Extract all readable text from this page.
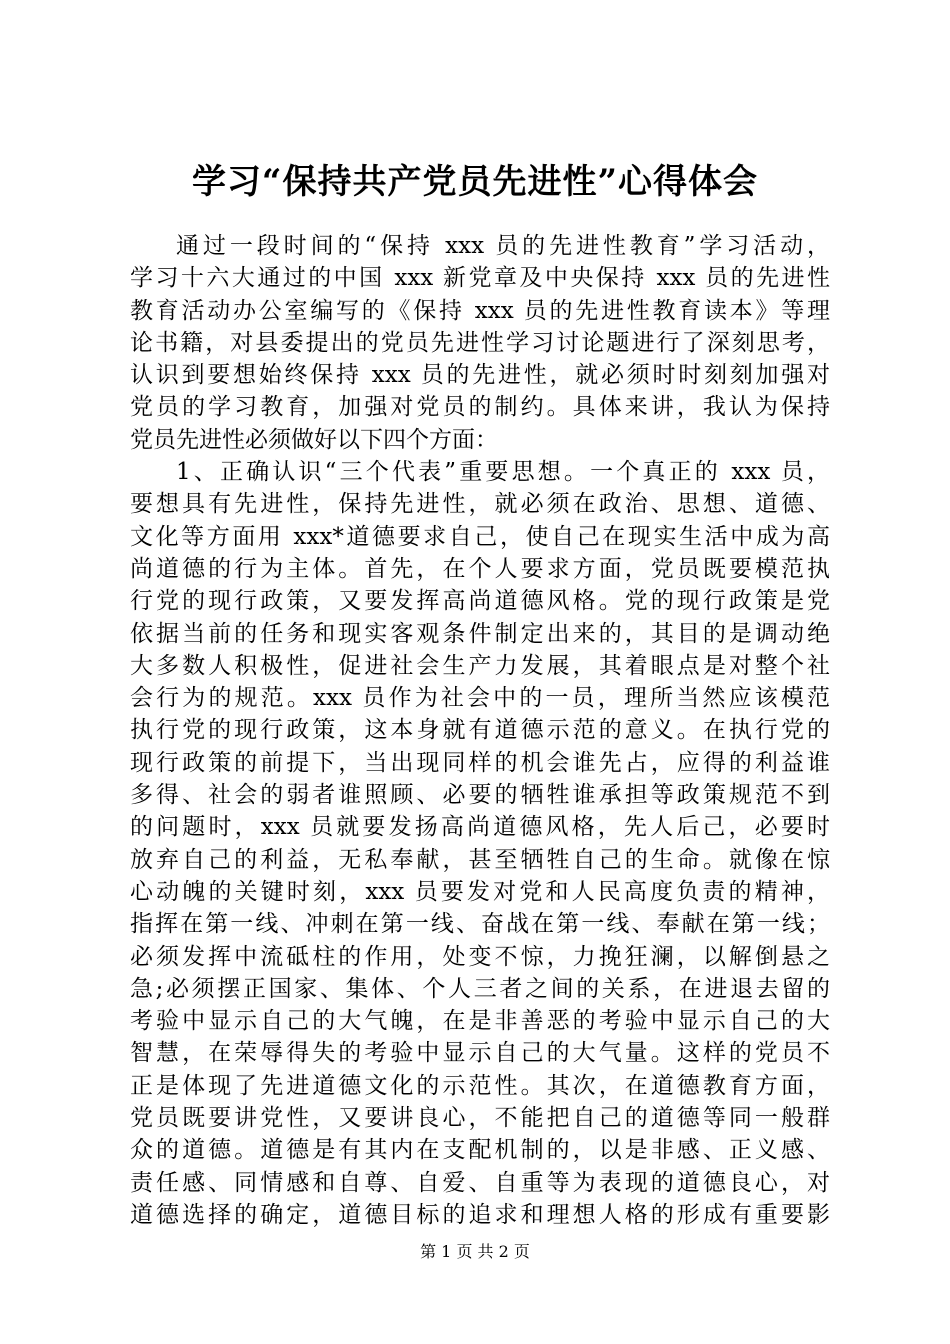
学习“保持共产党员先进性”心得体会
通过一段时间的“保持 xxx 员的先进性教育”学习活动，
学习十六大通过的中国 xxx 新党章及中央保持 xxx 员的先进性
教育活动办公室编写的《保持 xxx 员的先进性教育读本》等理
论书籍，对县委提出的党员先进性学习讨论题进行了深刻思考，
认识到要想始终保持 xxx 员的先进性，就必须时时刻刻加强对
党员的学习教育，加强对党员的制约。具体来讲，我认为保持
党员先进性必须做好以下四个方面：
1、正确认识“三个代表”重要思想。一个真正的 xxx 员，
要想具有先进性，保持先进性，就必须在政治、思想、道德、
文化等方面用 xxx*道德要求自己，使自己在现实生活中成为高
尚道德的行为主体。首先，在个人要求方面，党员既要模范执
行党的现行政策，又要发挥高尚道德风格。党的现行政策是党
依据当前的任务和现实客观条件制定出来的，其目的是调动绝
大多数人积极性，促进社会生产力发展，其着眼点是对整个社
会行为的规范。xxx 员作为社会中的一员，理所当然应该模范
执行党的现行政策，这本身就有道德示范的意义。在执行党的
现行政策的前提下，当出现同样的机会谁先占，应得的利益谁
多得、社会的弱者谁照顾、必要的牺牲谁承担等政策规范不到
的问题时，xxx 员就要发扬高尚道德风格，先人后己，必要时
放弃自己的利益，无私奉献，甚至牺牲自己的生命。就像在惊
心动魄的关键时刻，xxx 员要发对党和人民高度负责的精神，
指挥在第一线、冲刺在第一线、奋战在第一线、奉献在第一线；
必须发挥中流砥柱的作用，处变不惊，力挽狂澜，以解倒悬之
急;必须摆正国家、集体、个人三者之间的关系，在进退去留的
考验中显示自己的大气魄，在是非善恶的考验中显示自己的大
智慧，在荣辱得失的考验中显示自己的大气量。这样的党员不
正是体现了先进道德文化的示范性。其次，在道德教育方面，
党员既要讲党性，又要讲良心，不能把自己的道德等同一般群
众的道德。道德是有其内在支配机制的，以是非感、正义感、
责任感、同情感和自尊、自爱、自重等为表现的道德良心，对
道德选择的确定，道德目标的追求和理想人格的形成有重要影
第 1 页 共 2 页
